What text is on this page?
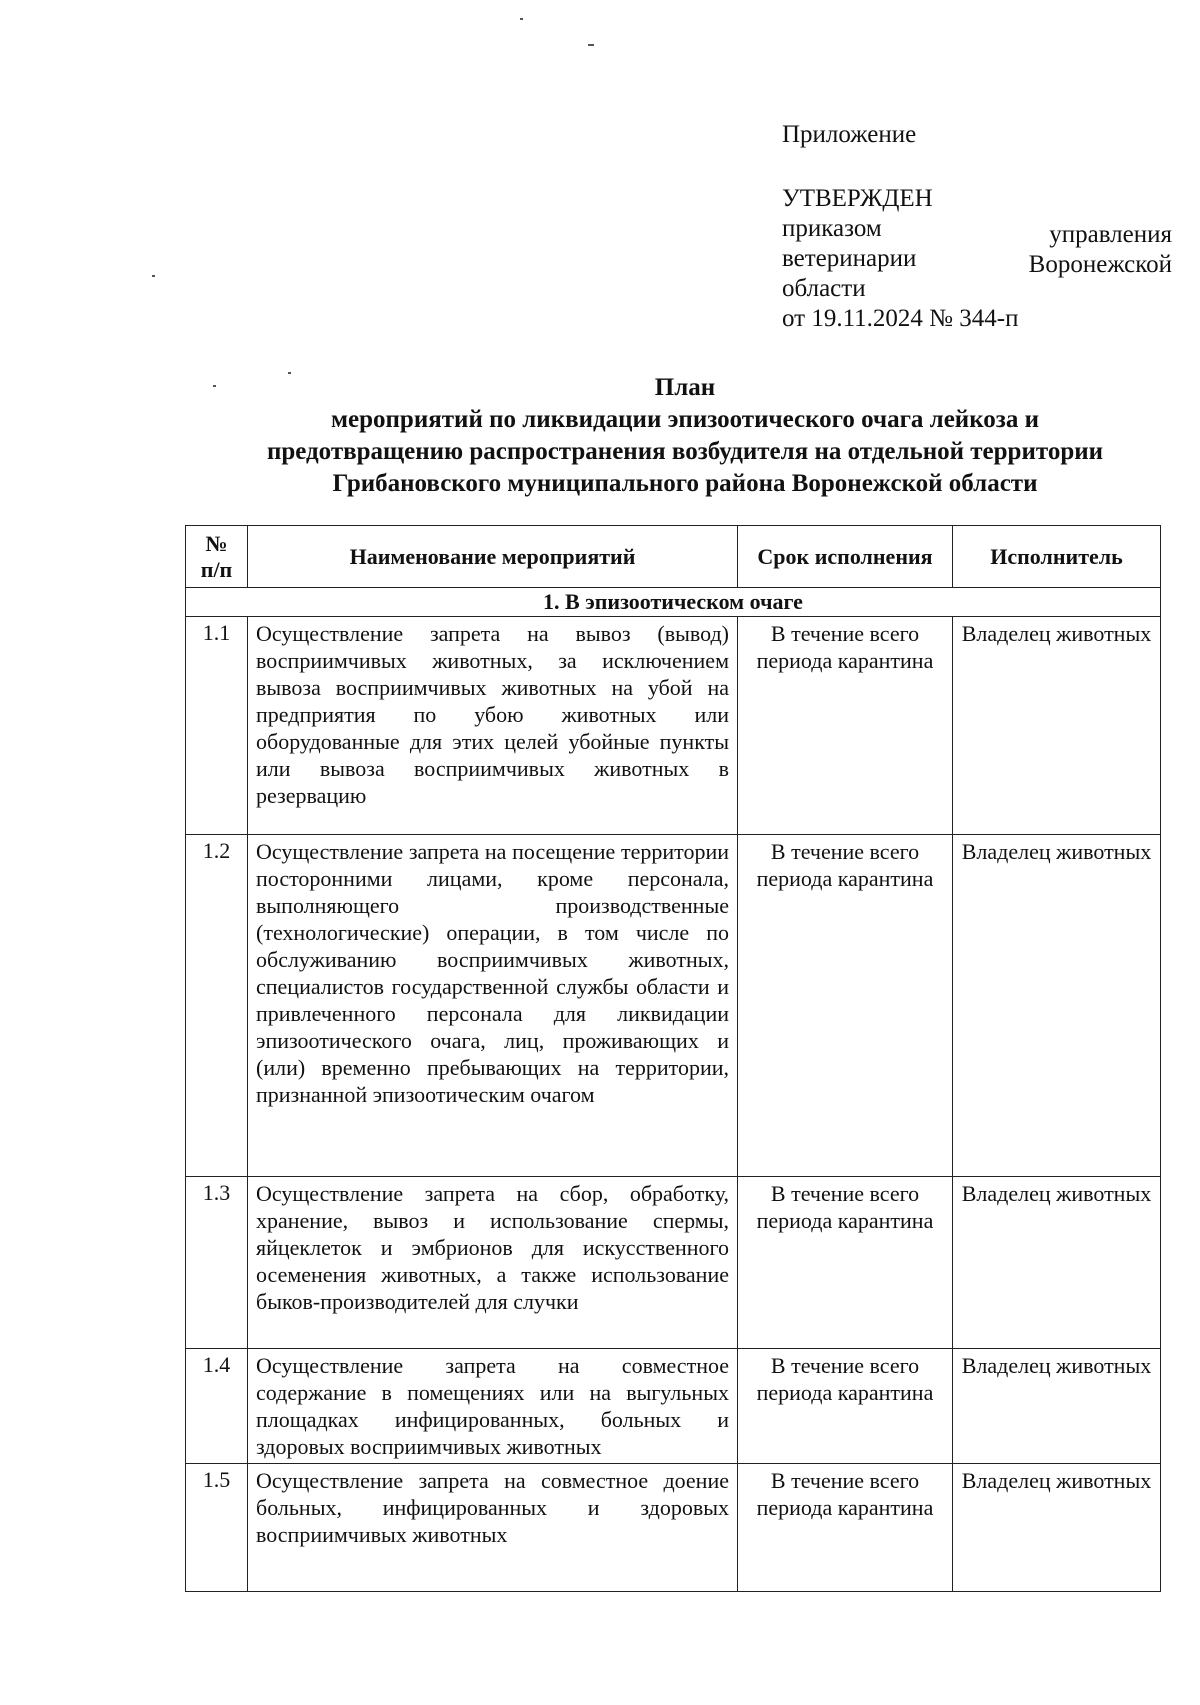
Приложение
УТВЕРЖДЕН
приказом	управления
ветеринарии	Воронежской
области
от 19.11.2024 № 344-п
План
мероприятий по ликвидации эпизоотического очага лейкоза и
предотвращению распространения возбудителя на отдельной территории
Грибановского муниципального района Воронежской области
№ п/п	Наименование мероприятий	Срок исполнения	Исполнитель
1. В эпизоотическом очаге			
1.1	Осуществление запрета на вывоз (вывод) восприимчивых животных, за исключением вывоза восприимчивых животных на убой на предприятия по убою животных или оборудованные для этих целей убойные пункты или вывоза восприимчивых животных в резервацию	В течение всего периода карантина	Владелец животных
1.2	Осуществление запрета на посещение территории посторонними лицами, кроме персонала, выполняющего производственные (технологические) операции, в том числе по обслуживанию восприимчивых животных, специалистов государственной службы области и привлеченного персонала для ликвидации эпизоотического очага, лиц, проживающих и (или) временно пребывающих на территории, признанной эпизоотическим очагом	В течение всего периода карантина	Владелец животных
1.3	Осуществление запрета на сбор, обработку, хранение, вывоз и использование спермы, яйцеклеток и эмбрионов для искусственного осеменения животных, а также использование быков-производителей для случки	В течение всего периода карантина	Владелец животных
1.4	Осуществление запрета на совместное содержание в помещениях или на выгульных площадках инфицированных, больных и здоровых восприимчивых животных	В течение всего периода карантина	Владелец животных
1.5	Осуществление запрета на совместное доение больных, инфицированных и здоровых восприимчивых животных	В течение всего периода карантина	Владелец животных
